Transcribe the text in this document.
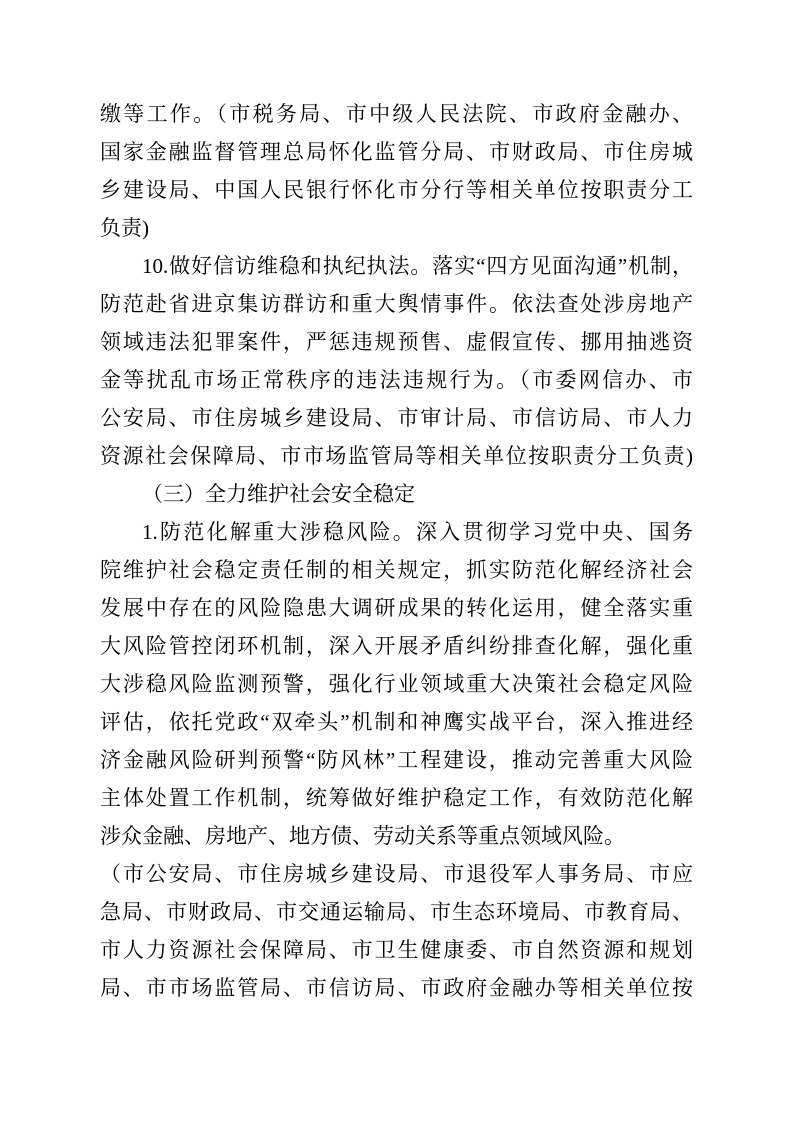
缴等工作。（市税务局、市中级人民法院、市政府金融办、
国家金融监督管理总局怀化监管分局、市财政局、市住房城
乡建设局、中国人民银行怀化市分行等相关单位按职责分工
负责)
10.做好信访维稳和执纪执法。落实“四方见面沟通”机制，
防范赴省进京集访群访和重大舆情事件。依法查处涉房地产
领域违法犯罪案件，严惩违规预售、虚假宣传、挪用抽逃资
金等扰乱市场正常秩序的违法违规行为。（市委网信办、市
公安局、市住房城乡建设局、市审计局、市信访局、市人力
资源社会保障局、市市场监管局等相关单位按职责分工负责)
（三）全力维护社会安全稳定
1.防范化解重大涉稳风险。深入贯彻学习党中央、国务
院维护社会稳定责任制的相关规定，抓实防范化解经济社会
发展中存在的风险隐患大调研成果的转化运用，健全落实重
大风险管控闭环机制，深入开展矛盾纠纷排查化解，强化重
大涉稳风险监测预警，强化行业领域重大决策社会稳定风险
评估，依托党政“双牵头”机制和神鹰实战平台，深入推进经
济金融风险研判预警“防风林”工程建设，推动完善重大风险
主体处置工作机制，统筹做好维护稳定工作，有效防范化解
涉众金融、房地产、地方债、劳动关系等重点领域风险。
（市公安局、市住房城乡建设局、市退役军人事务局、市应
急局、市财政局、市交通运输局、市生态环境局、市教育局、
市人力资源社会保障局、市卫生健康委、市自然资源和规划
局、市市场监管局、市信访局、市政府金融办等相关单位按
